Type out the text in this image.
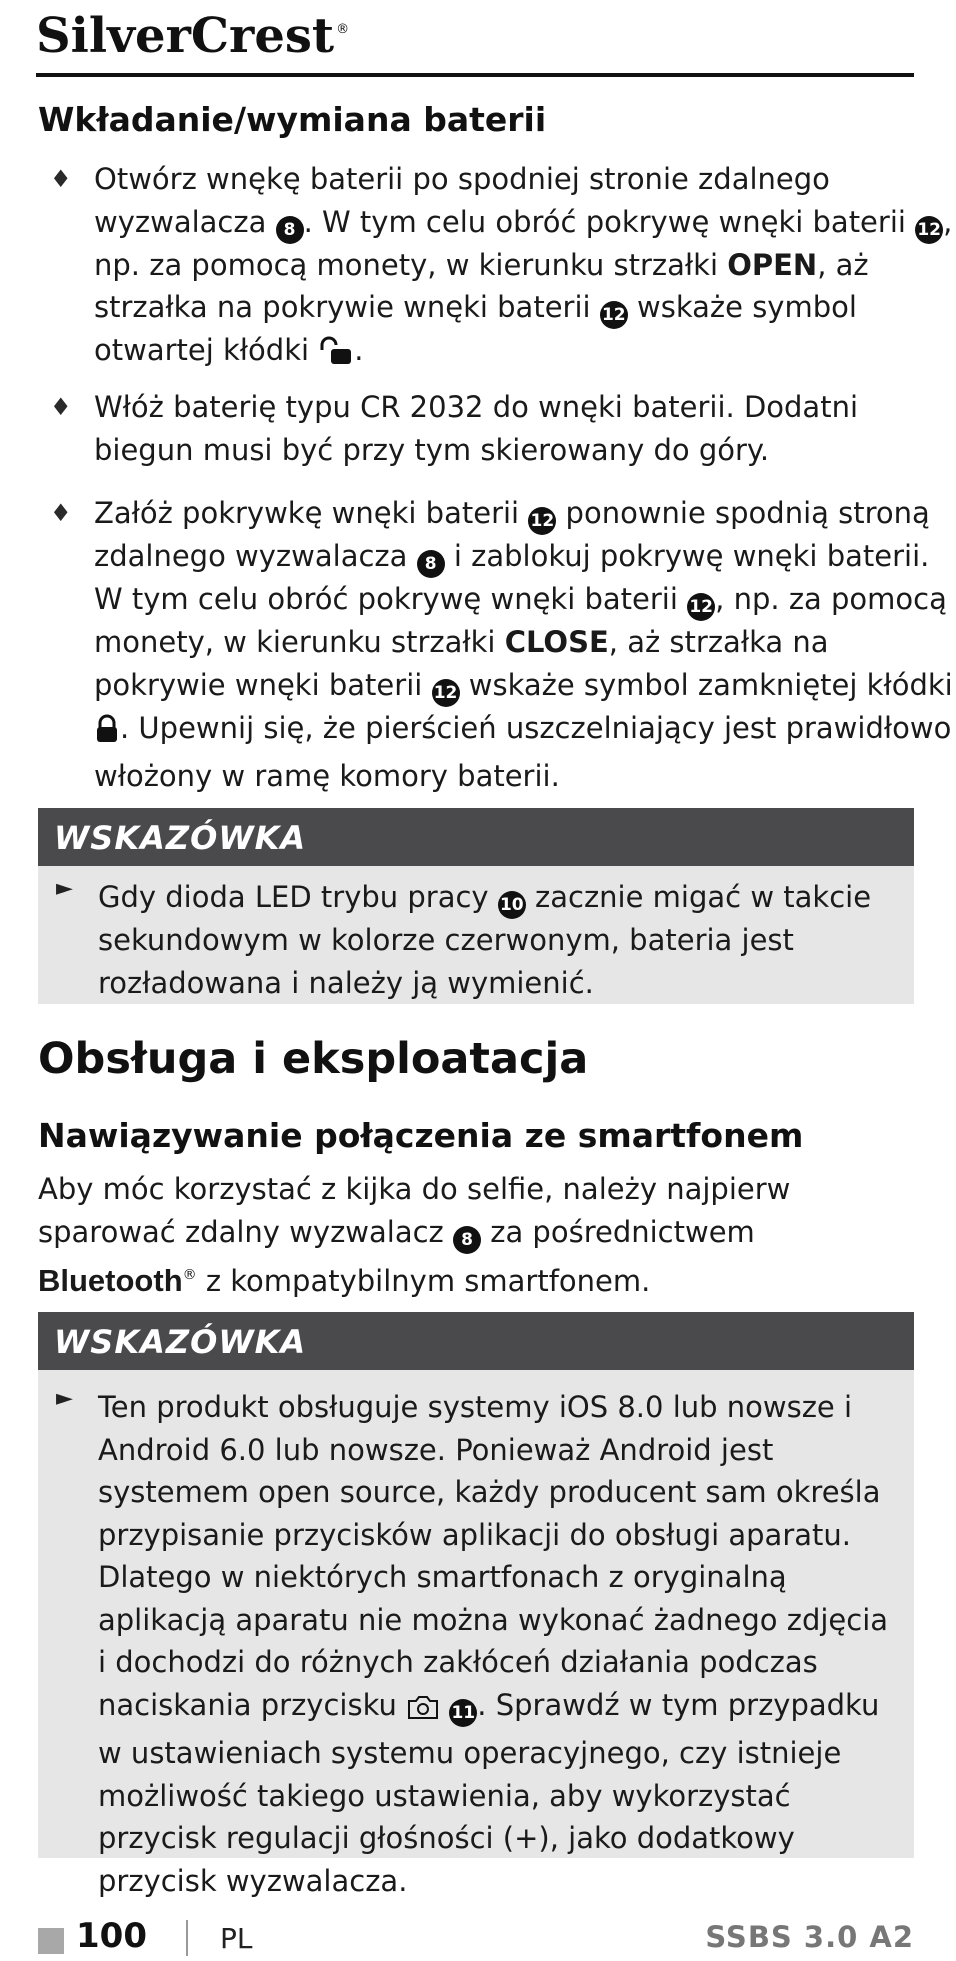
SilverCrest ®
Wkładanie/wymiana baterii
♦ Otwórz wnękę baterii po spodniej stronie zdalnego wyzwalacza 8 . W tym celu obróć pokrywę wnęki baterii 12, np. za pomocą monety, w kierunku strzałki OPEN, aż strzałka na pokrywie wnęki baterii 12 wskaże symbol otwartej kłódki .

♦ Włóż baterię typu CR 2032 do wnęki baterii. Dodatni biegun musi być przy tym skierowany do góry.

♦ Załóż pokrywkę wnęki baterii 12 ponownie spodnią stroną zdalnego wyzwalacza 8 i zablokuj pokrywę wnęki baterii. W tym celu obróć pokrywę wnęki baterii 12, np. za pomocą monety, w kierunku strzałki CLOSE, aż strzałka na pokrywie wnęki baterii 12 wskaże symbol zamkniętej kłódki . Upewnij się, że pierścień uszczelniający jest prawidłowo włożony w ramę komory baterii.

WSKAZÓWKA
► Gdy dioda LED trybu pracy 10 zacznie migać w takcie sekundowym w kolorze czerwonym, bateria jest rozładowana i należy ją wymienić.

Obsługa i eksploatacja
Nawiązywanie połączenia ze smartfonem

Aby móc korzystać z kijka do selfie, należy najpierw sparować zdalny wyzwalacz 8 za pośrednictwem Bluetooth® z kompatybilnym smartfonem.

WSKAZÓWKA
► Ten produkt obsługuje systemy iOS 8.0 lub nowsze i Android 6.0 lub nowsze. Ponieważ Android jest systemem open source, każdy producent sam określa przypisanie przycisków aplikacji do obsługi aparatu. Dlatego w niektórych smartfonach z oryginalną aplikacją aparatu nie można wykonać żadnego zdjęcia i dochodzi do różnych zakłóceń działania podczas naciskania przycisku	11. Sprawdź w tym przypadku w ustawieniach systemu operacyjnego, czy istnieje możliwość takiego ustawienia, aby wykorzystać przycisk regulacji głośności (+), jako dodatkowy przycisk wyzwalacza.

100	PL	SSBS 3.0 A2
